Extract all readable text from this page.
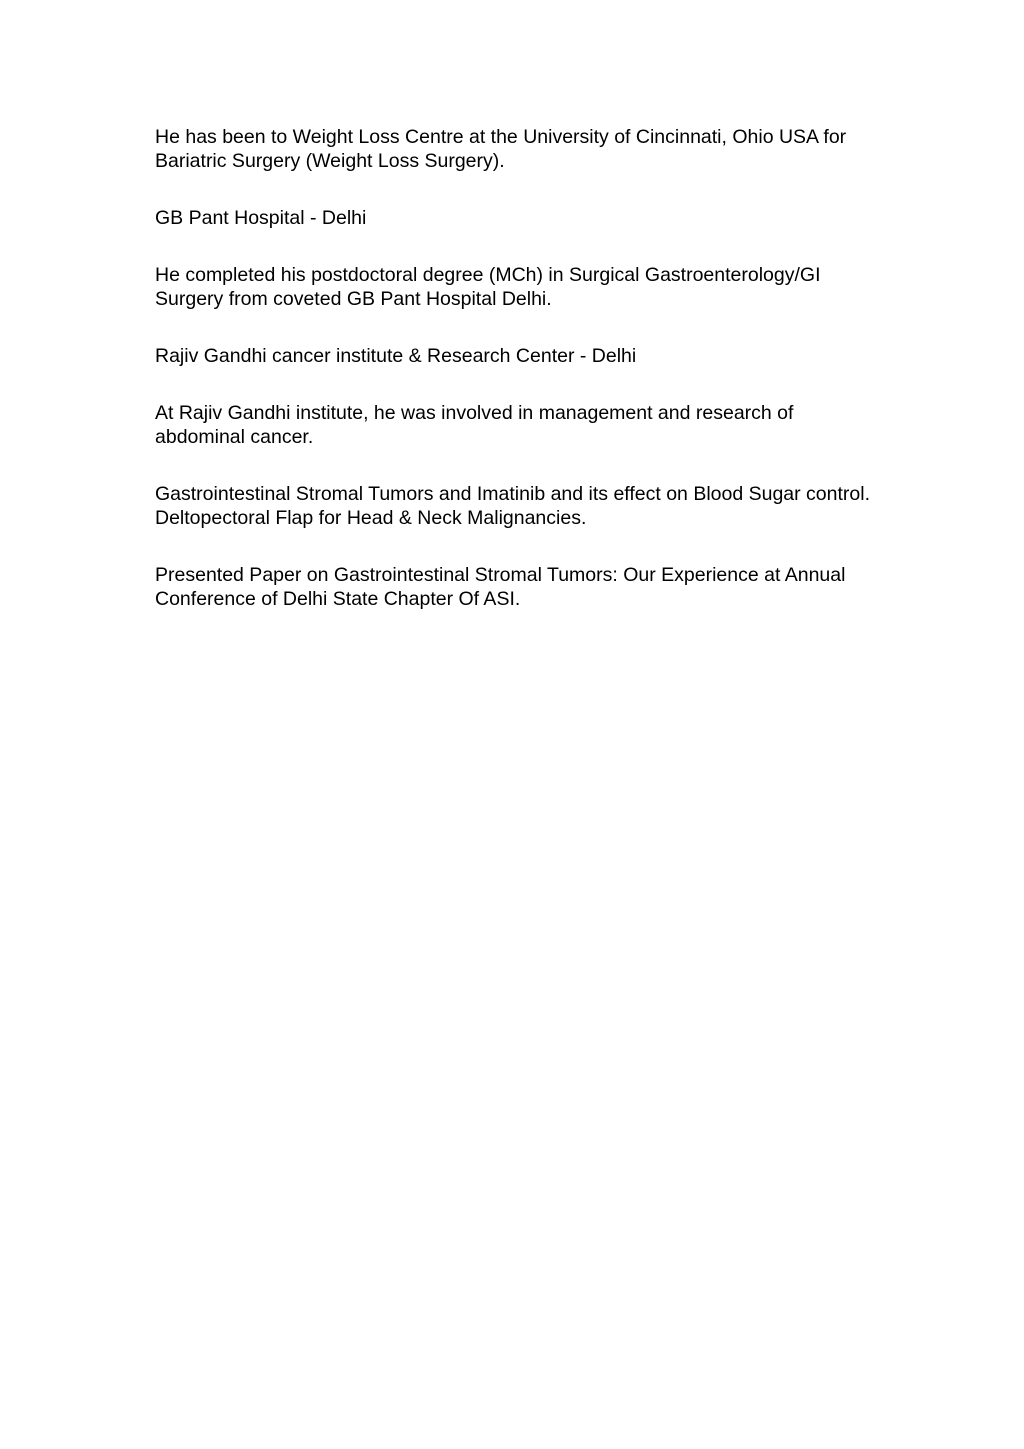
He has been to Weight Loss Centre at the University of Cincinnati, Ohio USA for Bariatric Surgery (Weight Loss Surgery).

GB Pant Hospital - Delhi

He completed his postdoctoral degree (MCh) in Surgical Gastroenterology/GI Surgery from coveted GB Pant Hospital Delhi.

Rajiv Gandhi cancer institute & Research Center - Delhi

At Rajiv Gandhi institute, he was involved in management and research of abdominal cancer.

Gastrointestinal Stromal Tumors and Imatinib and its effect on Blood Sugar control. Deltopectoral Flap for Head & Neck Malignancies.

Presented Paper on Gastrointestinal Stromal Tumors: Our Experience at Annual Conference of Delhi State Chapter Of ASI.
